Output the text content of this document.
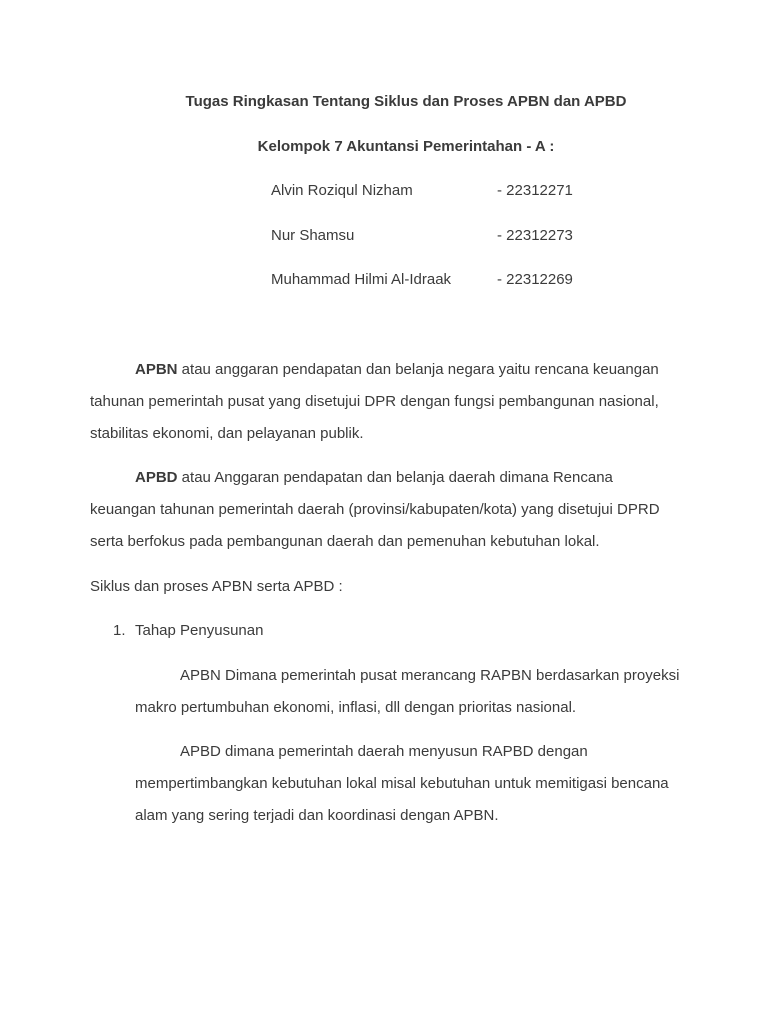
Tugas Ringkasan Tentang Siklus dan Proses APBN dan APBD
Kelompok 7 Akuntansi Pemerintahan - A :
Alvin Roziqul Nizham	- 22312271
Nur Shamsu	- 22312273
Muhammad Hilmi Al-Idraak	- 22312269
APBN atau anggaran pendapatan dan belanja negara yaitu rencana keuangan tahunan pemerintah pusat yang disetujui DPR dengan fungsi pembangunan nasional, stabilitas ekonomi, dan pelayanan publik.
APBD atau Anggaran pendapatan dan belanja daerah dimana Rencana keuangan tahunan pemerintah daerah (provinsi/kabupaten/kota) yang disetujui DPRD serta berfokus pada pembangunan daerah dan pemenuhan kebutuhan lokal.
Siklus dan proses APBN serta APBD :
1. Tahap Penyusunan
APBN Dimana pemerintah pusat merancang RAPBN berdasarkan proyeksi makro pertumbuhan ekonomi, inflasi, dll dengan prioritas nasional.
APBD dimana pemerintah daerah menyusun RAPBD dengan mempertimbangkan kebutuhan lokal misal kebutuhan untuk memitigasi bencana alam yang sering terjadi dan koordinasi dengan APBN.
